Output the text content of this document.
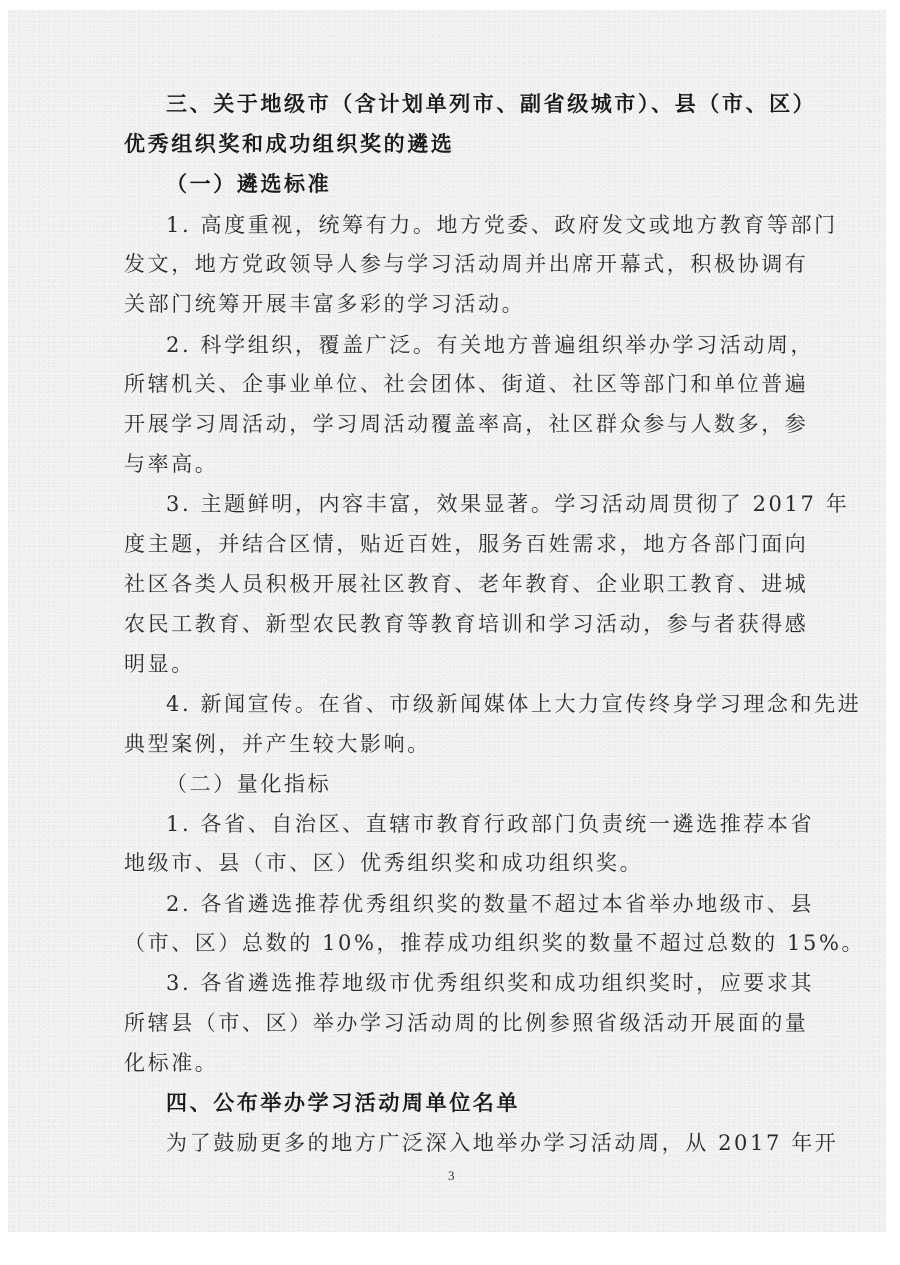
三、关于地级市（含计划单列市、副省级城市）、县（市、区）
优秀组织奖和成功组织奖的遴选
（一）遴选标准
1. 高度重视，统筹有力。地方党委、政府发文或地方教育等部门
发文，地方党政领导人参与学习活动周并出席开幕式，积极协调有
关部门统筹开展丰富多彩的学习活动。
2. 科学组织，覆盖广泛。有关地方普遍组织举办学习活动周，
所辖机关、企事业单位、社会团体、街道、社区等部门和单位普遍
开展学习周活动，学习周活动覆盖率高，社区群众参与人数多，参
与率高。
3. 主题鲜明，内容丰富，效果显著。学习活动周贯彻了 2017 年
度主题，并结合区情，贴近百姓，服务百姓需求，地方各部门面向
社区各类人员积极开展社区教育、老年教育、企业职工教育、进城
农民工教育、新型农民教育等教育培训和学习活动，参与者获得感
明显。
4. 新闻宣传。在省、市级新闻媒体上大力宣传终身学习理念和先进
典型案例，并产生较大影响。
（二）量化指标
1. 各省、自治区、直辖市教育行政部门负责统一遴选推荐本省
地级市、县（市、区）优秀组织奖和成功组织奖。
2. 各省遴选推荐优秀组织奖的数量不超过本省举办地级市、县
（市、区）总数的 10%，推荐成功组织奖的数量不超过总数的 15%。
3. 各省遴选推荐地级市优秀组织奖和成功组织奖时，应要求其
所辖县（市、区）举办学习活动周的比例参照省级活动开展面的量
化标准。
四、公布举办学习活动周单位名单
为了鼓励更多的地方广泛深入地举办学习活动周，从 2017 年开
3
